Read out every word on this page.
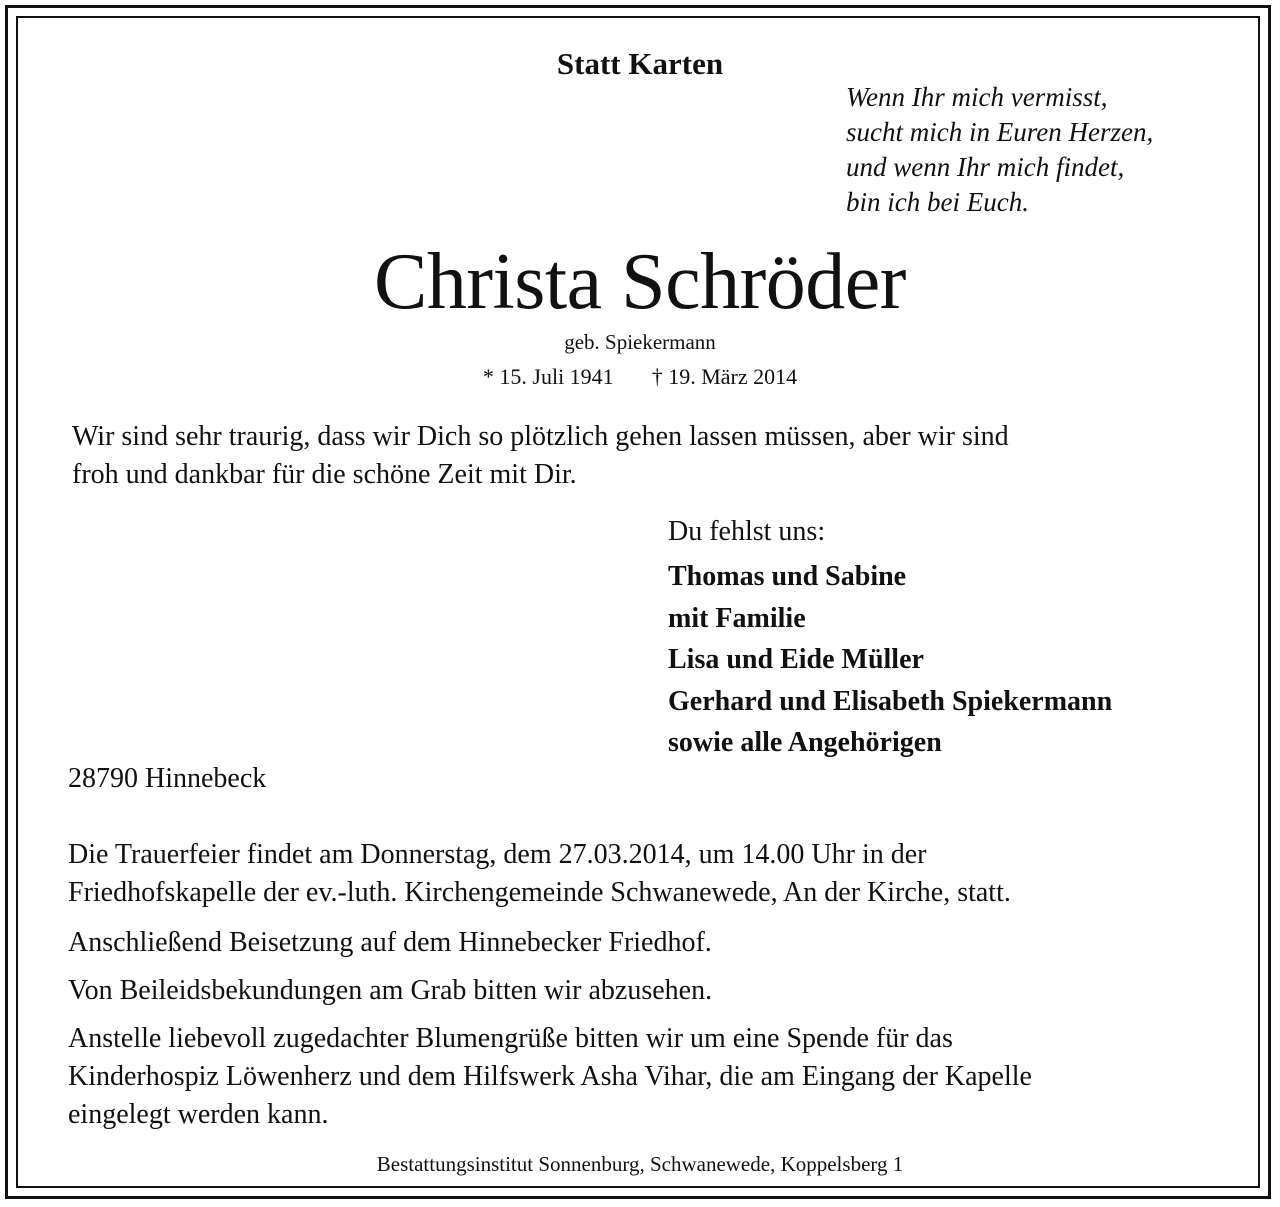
Statt Karten
Wenn Ihr mich vermisst,
sucht mich in Euren Herzen,
und wenn Ihr mich findet,
bin ich bei Euch.
Christa Schröder
geb. Spiekermann
* 15. Juli 1941 † 19. März 2014
Wir sind sehr traurig, dass wir Dich so plötzlich gehen lassen müssen, aber wir sind
froh und dankbar für die schöne Zeit mit Dir.
Du fehlst uns:
Thomas und Sabine
mit Familie
Lisa und Eide Müller
Gerhard und Elisabeth Spiekermann
sowie alle Angehörigen
28790 Hinnebeck
Die Trauerfeier findet am Donnerstag, dem 27.03.2014, um 14.00 Uhr in der
Friedhofskapelle der ev.-luth. Kirchengemeinde Schwanewede, An der Kirche, statt.
Anschließend Beisetzung auf dem Hinnebecker Friedhof.
Von Beileidsbekundungen am Grab bitten wir abzusehen.
Anstelle liebevoll zugedachter Blumengrüße bitten wir um eine Spende für das
Kinderhospiz Löwenherz und dem Hilfswerk Asha Vihar, die am Eingang der Kapelle
eingelegt werden kann.
Bestattungsinstitut Sonnenburg, Schwanewede, Koppelsberg 1
